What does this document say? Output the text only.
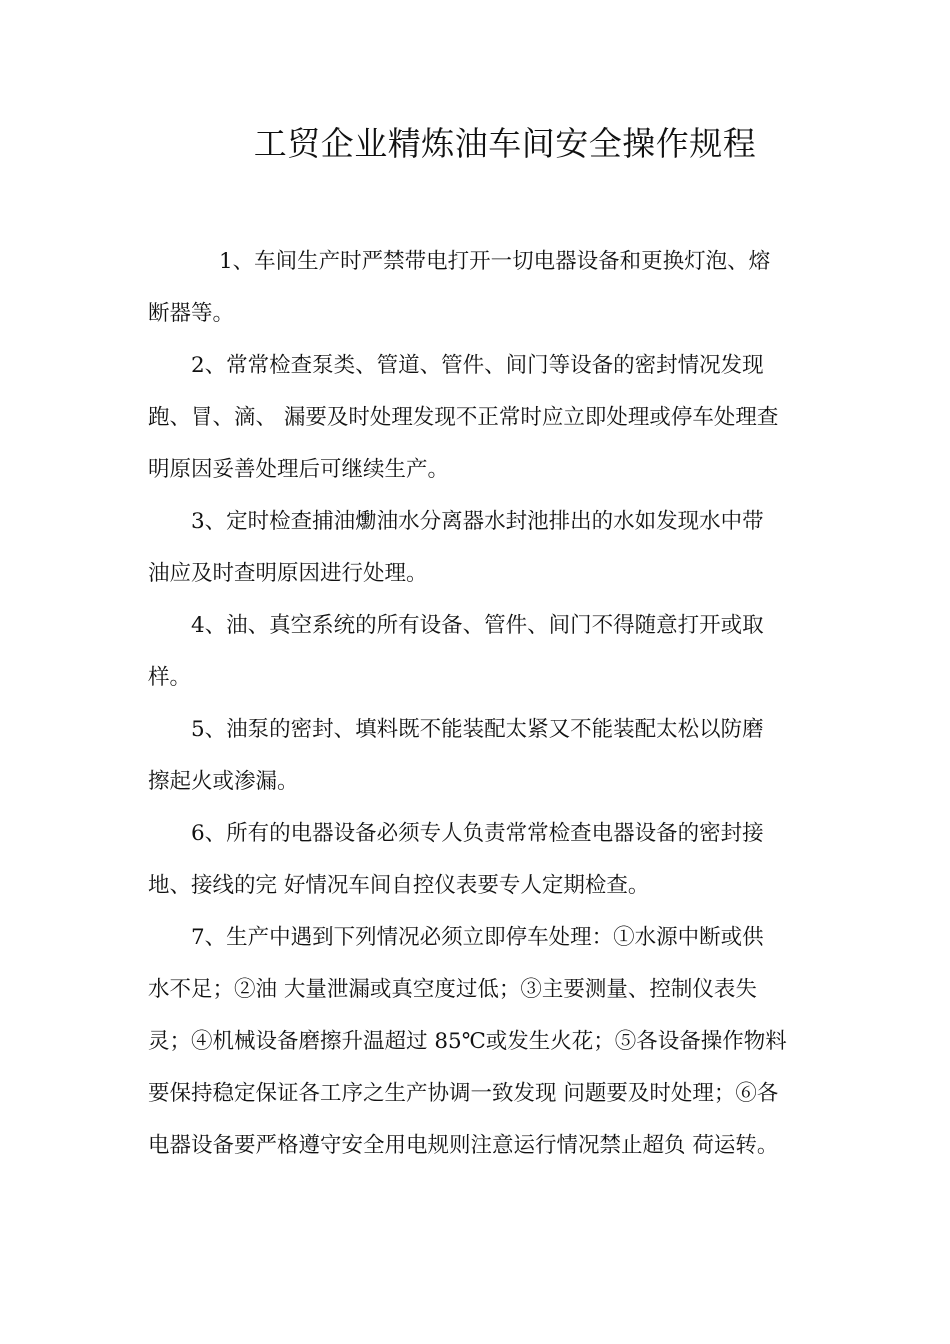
工贸企业精炼油车间安全操作规程
1、车间生产时严禁带电打开一切电器设备和更换灯泡、熔
断器等。
2、常常检查泵类、管道、管件、间门等设备的密封情况发现
跑、冒、滴、 漏要及时处理发现不正常时应立即处理或停车处理查
明原因妥善处理后可继续生产。
3、定时检查捕油爋油水分离器水封池排出的水如发现水中带
油应及时查明原因进行处理。
4、油、真空系统的所有设备、管件、间门不得随意打开或取
样。
5、油泵的密封、填料既不能装配太紧又不能装配太松以防磨
擦起火或渗漏。
6、所有的电器设备必须专人负责常常检查电器设备的密封接
地、接线的完 好情况车间自控仪表要专人定期检查。
7、生产中遇到下列情况必须立即停车处理：①水源中断或供
水不足；②油 大量泄漏或真空度过低；③主要测量、控制仪表失
灵；④机械设备磨擦升温超过 85℃或发生火花；⑤各设备操作物料
要保持稳定保证各工序之生产协调一致发现 问题要及时处理；⑥各
电器设备要严格遵守安全用电规则注意运行情况禁止超负 荷运转。
